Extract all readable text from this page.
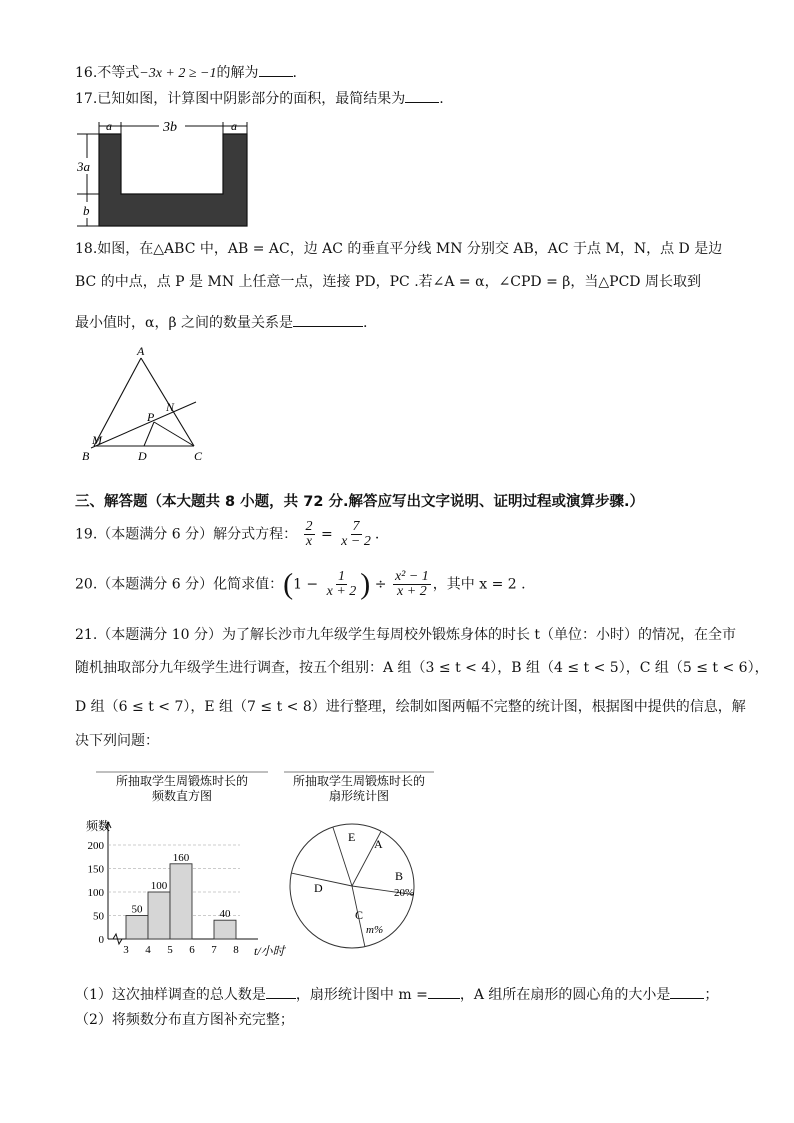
16.不等式−3x + 2 ≥ −1的解为 .
17.已知如图，计算图中阴影部分的面积，最简结果为 .
a	3b	a
3a
b
18.如图，在△ABC 中，AB = AC，边 AC 的垂直平分线 MN 分别交 AB，AC 于点 M，N，点 D 是边
BC 的中点，点 P 是 MN 上任意一点，连接 PD，PC .若∠A = α，∠CPD = β，当△PCD 周长取到
最小值时，α，β 之间的数量关系是	.
A
B	C
D
M
N
P
三、解答题（本大题共 8 小题，共 72 分.解答应写出文字说明、证明过程或演算步骤.）
19.（本题满分 6 分）解分式方程： $\frac{2}{x} = \frac{7}{x - 2}$ .
20.（本题满分 6 分）化简求值：($1 - \frac{1}{x + 2}$ ) ÷ $\frac{\text{x² − 1}}{x + 2}$ ，其中 x = 2 .
21.（本题满分 10 分）为了解长沙市九年级学生每周校外锻炼身体的时长 t（单位：小时）的情况，在全市
随机抽取部分九年级学生进行调查，按五个组别：A 组（3 ≤ t < 4），B 组（4 ≤ t < 5），C 组（5 ≤ t < 6），
D 组（6 ≤ t < 7），E 组（7 ≤ t < 8）进行整理，绘制如图两幅不完整的统计图，根据图中提供的信息，解
决下列问题：
所抽取学生周锻炼时长的
频数直方图
频数
t/小时
0
50
100
150
200
3 4 5 6 7 8
50
100
160
40
所抽取学生周锻炼时长的
扇形统计图
A
B
20%
C
m%
D
E
（1）这次抽样调查的总人数是 ，扇形统计图中 m = ，A 组所在扇形的圆心角的大小是 ；
（2）将频数分布直方图补充完整；
